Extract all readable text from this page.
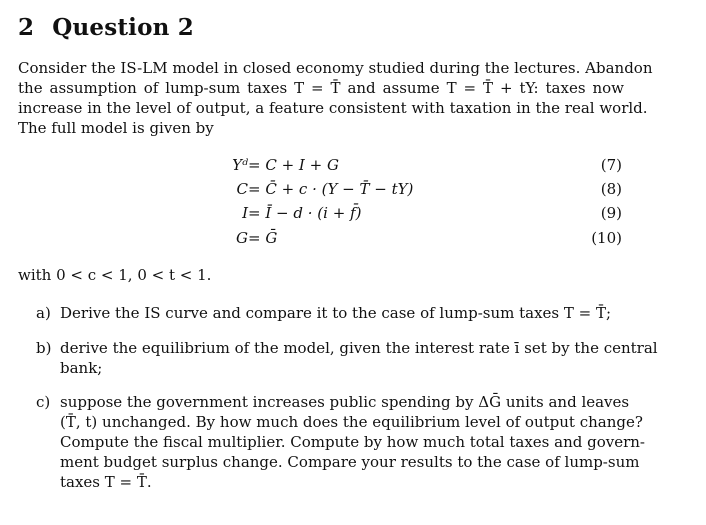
2 Question 2
Consider the IS-LM model in closed economy studied during the lectures. Abandon
the assumption of lump-sum taxes T = T̄ and assume T = T̄ + tY: taxes now
increase in the level of output, a feature consistent with taxation in the real world.
The full model is given by
Yᵈ = C + I + G	(7)
C = C̄ + c · (Y − T̄ − tY)	(8)
I = Ī − d · (i + f̄)	(9)
G = Ḡ	(10)
with 0 < c < 1, 0 < t < 1.
a) Derive the IS curve and compare it to the case of lump-sum taxes T = T̄;
b) derive the equilibrium of the model, given the interest rate ī set by the central
bank;
c) suppose the government increases public spending by ΔḠ units and leaves
(T̄, t) unchanged. By how much does the equilibrium level of output change?
Compute the fiscal multiplier. Compute by how much total taxes and govern-
ment budget surplus change. Compare your results to the case of lump-sum
taxes T = T̄.
